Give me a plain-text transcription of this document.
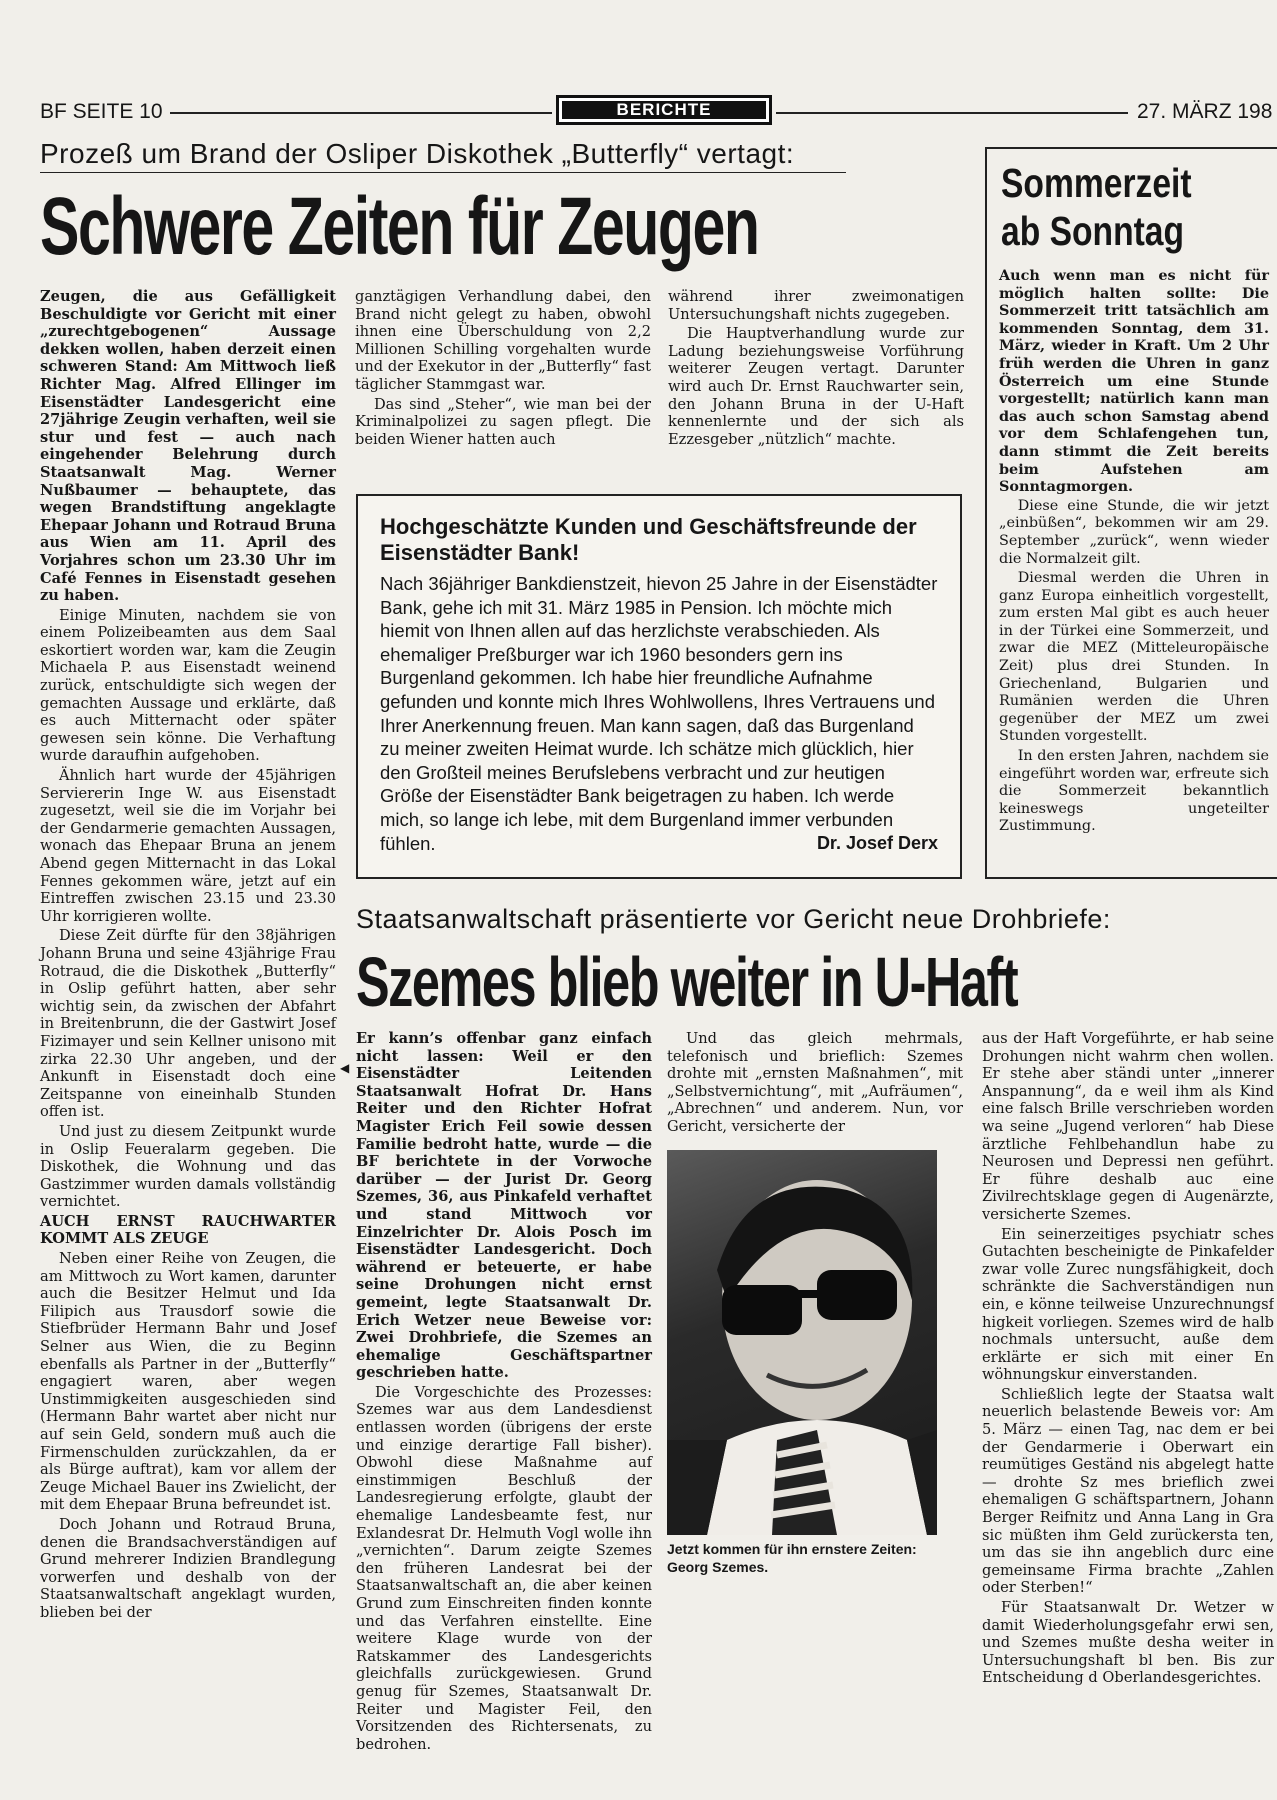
BF SEITE 10	BERICHTE	27. MÄRZ 198
Prozeß um Brand der Osliper Diskothek „Butterfly“ vertagt:
Schwere Zeiten für Zeugen

Zeugen, die aus Gefälligkeit Beschuldigte vor Gericht mit einer „zurechtgebogenen“ Aussage dekken wollen, haben derzeit einen schweren Stand: Am Mittwoch ließ Richter Mag. Alfred Ellinger im Eisenstädter Landesgericht eine 27jährige Zeugin verhaften, weil sie stur und fest — auch nach eingehender Belehrung durch Staatsanwalt Mag. Werner Nußbaumer — behauptete, das wegen Brandstiftung angeklagte Ehepaar Johann und Rotraud Bruna aus Wien am 11. April des Vorjahres schon um 23.30 Uhr im Café Fennes in Eisenstadt gesehen zu haben.

Einige Minuten, nachdem sie von einem Polizeibeamten aus dem Saal eskortiert worden war, kam die Zeugin Michaela P. aus Eisenstadt weinend zurück, entschuldigte sich wegen der gemachten Aussage und erklärte, daß es auch Mitternacht oder später gewesen sein könne. Die Verhaftung wurde daraufhin aufgehoben.

Ähnlich hart wurde der 45jährigen Serviererin Inge W. aus Eisenstadt zugesetzt, weil sie die im Vorjahr bei der Gendarmerie gemachten Aussagen, wonach das Ehepaar Bruna an jenem Abend gegen Mitternacht in das Lokal Fennes gekommen wäre, jetzt auf ein Eintreffen zwischen 23.15 und 23.30 Uhr korrigieren wollte.

Diese Zeit dürfte für den 38jährigen Johann Bruna und seine 43jährige Frau Rotraud, die die Diskothek „Butterfly“ in Oslip geführt hatten, aber sehr wichtig sein, da zwischen der Abfahrt in Breitenbrunn, die der Gastwirt Josef Fizimayer und sein Kellner unisono mit zirka 22.30 Uhr angeben, und der Ankunft in Eisenstadt doch eine Zeitspanne von eineinhalb Stunden offen ist.

Und just zu diesem Zeitpunkt wurde in Oslip Feueralarm gegeben. Die Diskothek, die Wohnung und das Gastzimmer wurden damals vollständig vernichtet.

AUCH ERNST RAUCHWARTER KOMMT ALS ZEUGE

Neben einer Reihe von Zeugen, die am Mittwoch zu Wort kamen, darunter auch die Besitzer Helmut und Ida Filipich aus Trausdorf sowie die Stiefbrüder Hermann Bahr und Josef Selner aus Wien, die zu Beginn ebenfalls als Partner in der „Butterfly“ engagiert waren, aber wegen Unstimmigkeiten ausgeschieden sind (Hermann Bahr wartet aber nicht nur auf sein Geld, sondern muß auch die Firmenschulden zurückzahlen, da er als Bürge auftrat), kam vor allem der Zeuge Michael Bauer ins Zwielicht, der mit dem Ehepaar Bruna befreundet ist.

Doch Johann und Rotraud Bruna, denen die Brandsachverständigen auf Grund mehrerer Indizien Brandlegung vorwerfen und deshalb von der Staatsanwaltschaft angeklagt wurden, blieben bei der

ganztägigen Verhandlung dabei, den Brand nicht gelegt zu haben, obwohl ihnen eine Überschuldung von 2,2 Millionen Schilling vorgehalten wurde und der Exekutor in der „Butterfly“ fast täglicher Stammgast war.

Das sind „Steher“, wie man bei der Kriminalpolizei zu sagen pflegt. Die beiden Wiener hatten auch

während ihrer zweimonatigen Untersuchungshaft nichts zugegeben.

Die Hauptverhandlung wurde zur Ladung beziehungsweise Vorführung weiterer Zeugen vertagt. Darunter wird auch Dr. Ernst Rauchwarter sein, den Johann Bruna in der U-Haft kennenlernte und der sich als Ezzesgeber „nützlich“ machte.

Hochgeschätzte Kunden und Geschäftsfreunde der Eisenstädter Bank!
Nach 36jähriger Bankdienstzeit, hievon 25 Jahre in der Eisenstädter Bank, gehe ich mit 31. März 1985 in Pension. Ich möchte mich hiemit von Ihnen allen auf das herzlichste verabschieden. Als ehemaliger Preßburger war ich 1960 besonders gern ins Burgenland gekommen. Ich habe hier freundliche Aufnahme gefunden und konnte mich Ihres Wohlwollens, Ihres Vertrauens und Ihrer Anerkennung freuen. Man kann sagen, daß das Burgenland zu meiner zweiten Heimat wurde. Ich schätze mich glücklich, hier den Großteil meines Berufslebens verbracht und zur heutigen Größe der Eisenstädter Bank beigetragen zu haben. Ich werde mich, so lange ich lebe, mit dem Burgenland immer verbunden fühlen.	Dr. Josef Derx
Sommerzeit
ab Sonntag

Auch wenn man es nicht für möglich halten sollte: Die Sommerzeit tritt tatsächlich am kommenden Sonntag, dem 31. März, wieder in Kraft. Um 2 Uhr früh werden die Uhren in ganz Österreich um eine Stunde vorgestellt; natürlich kann man das auch schon Samstag abend vor dem Schlafengehen tun, dann stimmt die Zeit bereits beim Aufstehen am Sonntagmorgen.

Diese eine Stunde, die wir jetzt „einbüßen“, bekommen wir am 29. September „zurück“, wenn wieder die Normalzeit gilt.

Diesmal werden die Uhren in ganz Europa einheitlich vorgestellt, zum ersten Mal gibt es auch heuer in der Türkei eine Sommerzeit, und zwar die MEZ (Mitteleuropäische Zeit) plus drei Stunden. In Griechenland, Bulgarien und Rumänien werden die Uhren gegenüber der MEZ um zwei Stunden vorgestellt.

In den ersten Jahren, nachdem sie eingeführt worden war, erfreute sich die Sommerzeit bekanntlich keineswegs ungeteilter Zustimmung.

Staatsanwaltschaft präsentierte vor Gericht neue Drohbriefe:
Szemes blieb weiter in U-Haft

Er kann’s offenbar ganz einfach nicht lassen: Weil er den Eisenstädter Leitenden Staatsanwalt Hofrat Dr. Hans Reiter und den Richter Hofrat Magister Erich Feil sowie dessen Familie bedroht hatte, wurde — die BF berichtete in der Vorwoche darüber — der Jurist Dr. Georg Szemes, 36, aus Pinkafeld verhaftet und stand Mittwoch vor Einzelrichter Dr. Alois Posch im Eisenstädter Landesgericht. Doch während er beteuerte, er habe seine Drohungen nicht ernst gemeint, legte Staatsanwalt Dr. Erich Wetzer neue Beweise vor: Zwei Drohbriefe, die Szemes an ehemalige Geschäftspartner geschrieben hatte.

Die Vorgeschichte des Prozesses: Szemes war aus dem Landesdienst entlassen worden (übrigens der erste und einzige derartige Fall bisher). Obwohl diese Maßnahme auf einstimmigen Beschluß der Landesregierung erfolgte, glaubt der ehemalige Landesbeamte fest, nur Exlandesrat Dr. Helmuth Vogl wolle ihn „vernichten“. Darum zeigte Szemes den früheren Landesrat bei der Staatsanwaltschaft an, die aber keinen Grund zum Einschreiten finden konnte und das Verfahren einstellte. Eine weitere Klage wurde von der Ratskammer des Landesgerichts gleichfalls zurückgewiesen. Grund genug für Szemes, Staatsanwalt Dr. Reiter und Magister Feil, den Vorsitzenden des Richtersenats, zu bedrohen.

Und das gleich mehrmals, telefonisch und brieflich: Szemes drohte mit „ernsten Maßnahmen“, mit „Selbstvernichtung“, mit „Aufräumen“, „Abrechnen“ und anderem. Nun, vor Gericht, versicherte der

Jetzt kommen für ihn ernstere Zeiten: Georg Szemes.

aus der Haft Vorgeführte, er hab seine Drohungen nicht wahrm chen wollen. Er stehe aber ständi unter „innerer Anspannung“, da e weil ihm als Kind eine falsch Brille verschrieben worden wa seine „Jugend verloren“ hab Diese ärztliche Fehlbehandlun habe zu Neurosen und Depressi nen geführt. Er führe deshalb auc eine Zivilrechtsklage gegen di Augenärzte, versicherte Szemes.

Ein seinerzeitiges psychiatr sches Gutachten bescheinigte de Pinkafelder zwar volle Zurec nungsfähigkeit, doch schränkte die Sachverständigen nun ein, e könne teilweise Unzurechnungsf higkeit vorliegen. Szemes wird de halb nochmals untersucht, auße dem erklärte er sich mit einer En wöhnungskur einverstanden.

Schließlich legte der Staatsa walt neuerlich belastende Beweis vor: Am 5. März — einen Tag, nac dem er bei der Gendarmerie i Oberwart ein reumütiges Geständ nis abgelegt hatte — drohte Sz mes brieflich zwei ehemaligen G schäftspartnern, Johann Berger Reifnitz und Anna Lang in Gra sic müßten ihm Geld zurückersta ten, um das sie ihn angeblich durc eine gemeinsame Firma brachte „Zahlen oder Sterben!“

Für Staatsanwalt Dr. Wetzer w damit Wiederholungsgefahr erwi sen, und Szemes mußte desha weiter in Untersuchungshaft bl ben. Bis zur Entscheidung d Oberlandesgerichtes.

◀
